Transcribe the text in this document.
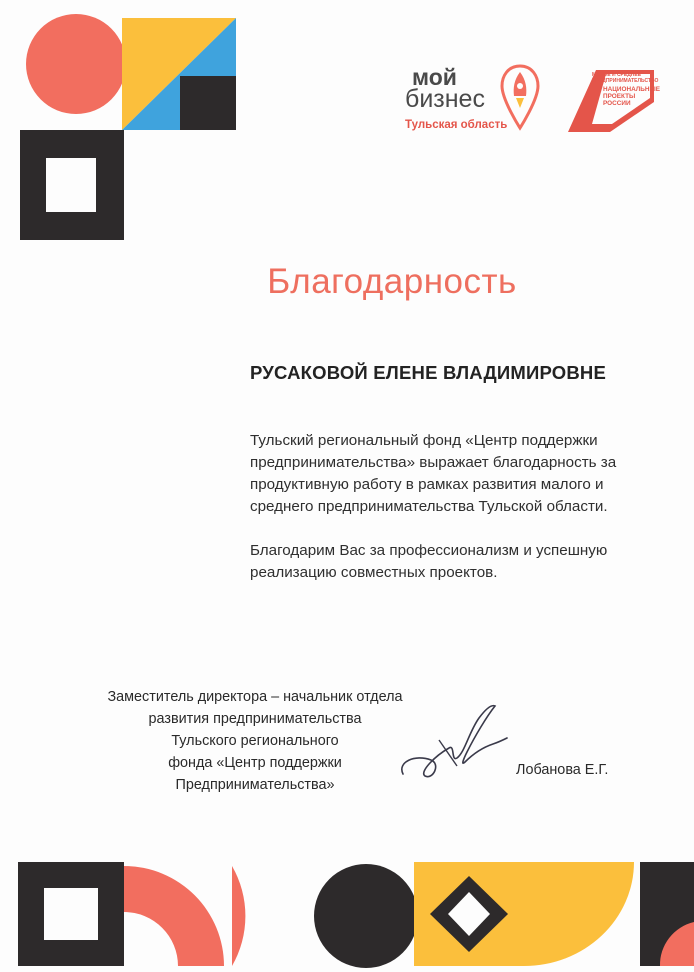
мой
бизнес
Тульская область
МАЛОЕ И СРЕДНЕЕ ПРЕДПРИНИМАТЕЛЬСТВО
НАЦИОНАЛЬНЫЕ
ПРОЕКТЫ
РОССИИ
Благодарность
РУСАКОВОЙ ЕЛЕНЕ ВЛАДИМИРОВНЕ

Тульский региональный фонд «Центр поддержки предпринимательства» выражает благодарность за продуктивную работу в рамках развития малого и среднего предпринимательства Тульской области.

Благодарим Вас за профессионализм и успешную реализацию совместных проектов.

Заместитель директора – начальник отдела
развития предпринимательства
Тульского регионального
фонда «Центр поддержки
Предпринимательства»
Лобанова Е.Г.
